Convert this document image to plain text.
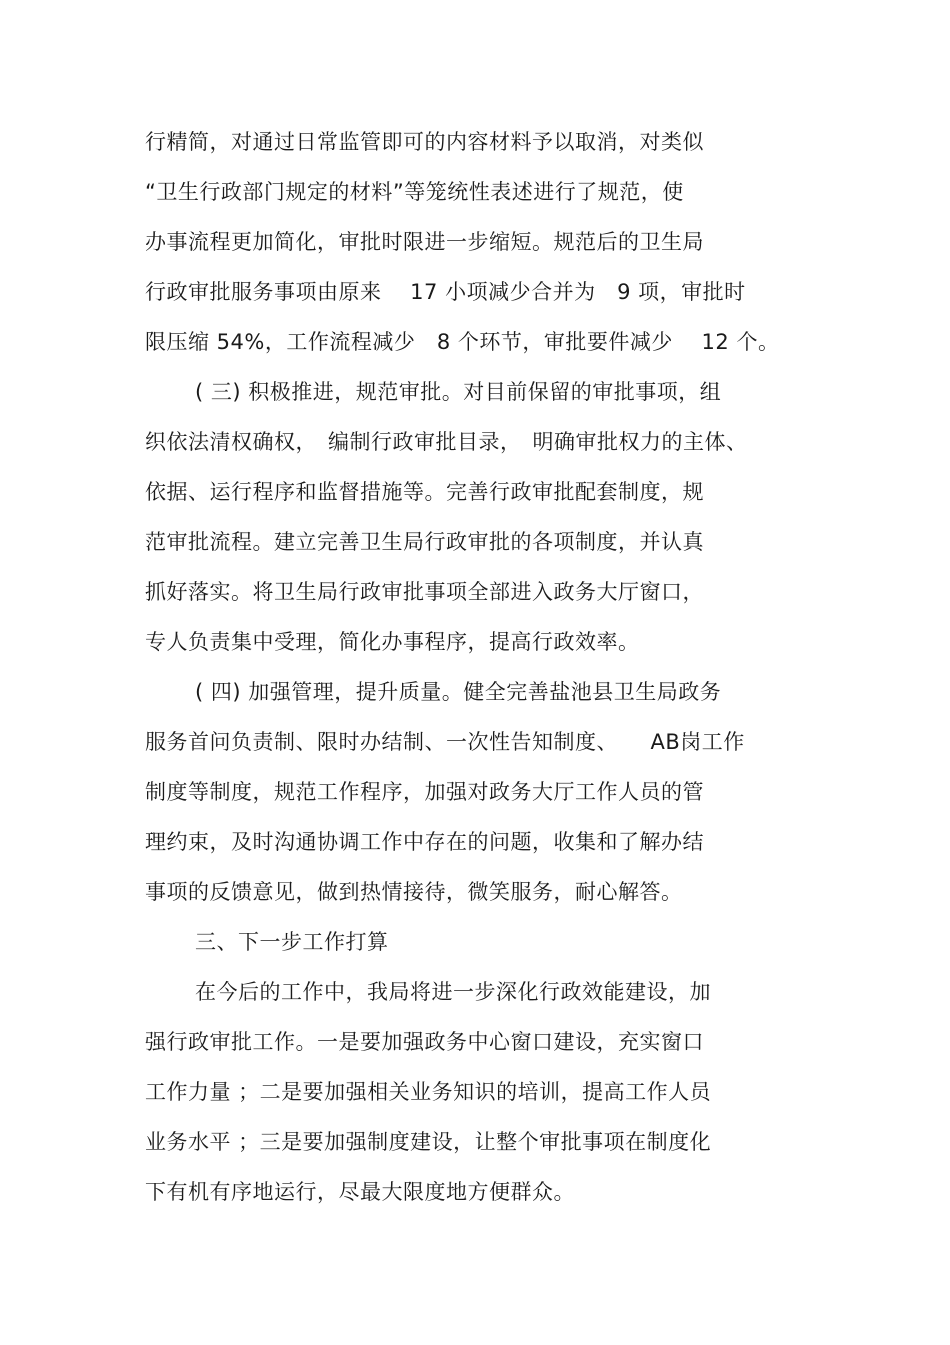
行精简，对通过日常监管即可的内容材料予以取消，对类似
“卫生行政部门规定的材料”等笼统性表述进行了规范，使
办事流程更加简化，审批时限进一步缩短。规范后的卫生局
行政审批服务事项由原来　 17 小项减少合并为　9 项，审批时
限压缩 54%，工作流程减少　8 个环节，审批要件减少　 12 个。
( 三) 积极推进，规范审批。对目前保留的审批事项，组
织依法清权确权，　编制行政审批目录，　明确审批权力的主体、
依据、运行程序和监督措施等。完善行政审批配套制度，规
范审批流程。建立完善卫生局行政审批的各项制度，并认真
抓好落实。将卫生局行政审批事项全部进入政务大厅窗口，
专人负责集中受理，简化办事程序，提高行政效率。
( 四) 加强管理，提升质量。健全完善盐池县卫生局政务
服务首问负责制、限时办结制、一次性告知制度、　　AB岗工作
制度等制度，规范工作程序，加强对政务大厅工作人员的管
理约束，及时沟通协调工作中存在的问题，收集和了解办结
事项的反馈意见，做到热情接待，微笑服务，耐心解答。
三、下一步工作打算
在今后的工作中，我局将进一步深化行政效能建设，加
强行政审批工作。一是要加强政务中心窗口建设，充实窗口
工作力量 ；二是要加强相关业务知识的培训，提高工作人员
业务水平 ；三是要加强制度建设，让整个审批事项在制度化
下有机有序地运行，尽最大限度地方便群众。
